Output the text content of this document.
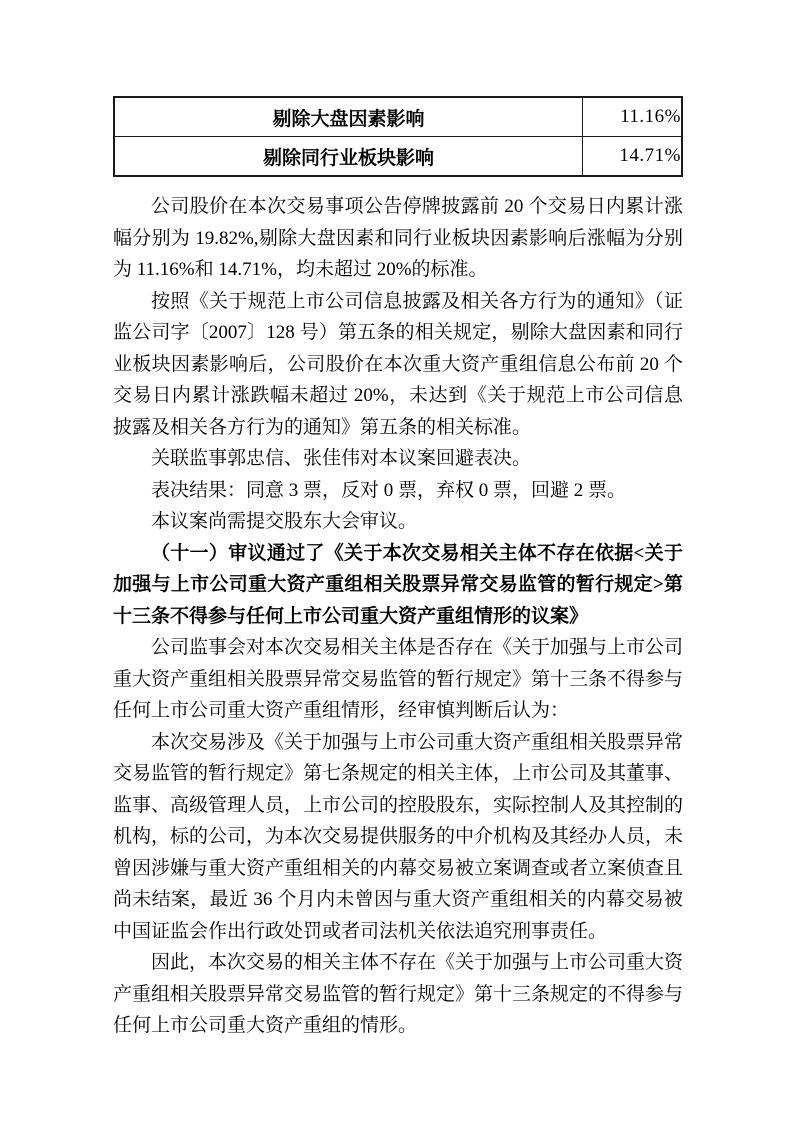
剔除大盘因素影响	11.16%
剔除同行业板块影响	14.71%

公司股价在本次交易事项公告停牌披露前 20 个交易日内累计涨幅分别为 19.82%,剔除大盘因素和同行业板块因素影响后涨幅为分别为 11.16%和 14.71%，均未超过 20%的标准。

按照《关于规范上市公司信息披露及相关各方行为的通知》（证监公司字〔2007〕128 号）第五条的相关规定，剔除大盘因素和同行业板块因素影响后，公司股价在本次重大资产重组信息公布前 20 个交易日内累计涨跌幅未超过 20%，未达到《关于规范上市公司信息披露及相关各方行为的通知》第五条的相关标准。

关联监事郭忠信、张佳伟对本议案回避表决。

表决结果：同意 3 票，反对 0 票，弃权 0 票，回避 2 票。

本议案尚需提交股东大会审议。

（十一）审议通过了《关于本次交易相关主体不存在依据<关于加强与上市公司重大资产重组相关股票异常交易监管的暂行规定>第十三条不得参与任何上市公司重大资产重组情形的议案》

公司监事会对本次交易相关主体是否存在《关于加强与上市公司重大资产重组相关股票异常交易监管的暂行规定》第十三条不得参与任何上市公司重大资产重组情形，经审慎判断后认为：

本次交易涉及《关于加强与上市公司重大资产重组相关股票异常交易监管的暂行规定》第七条规定的相关主体，上市公司及其董事、监事、高级管理人员，上市公司的控股股东，实际控制人及其控制的机构，标的公司，为本次交易提供服务的中介机构及其经办人员，未曾因涉嫌与重大资产重组相关的内幕交易被立案调查或者立案侦查且尚未结案，最近 36 个月内未曾因与重大资产重组相关的内幕交易被中国证监会作出行政处罚或者司法机关依法追究刑事责任。

因此，本次交易的相关主体不存在《关于加强与上市公司重大资产重组相关股票异常交易监管的暂行规定》第十三条规定的不得参与任何上市公司重大资产重组的情形。
